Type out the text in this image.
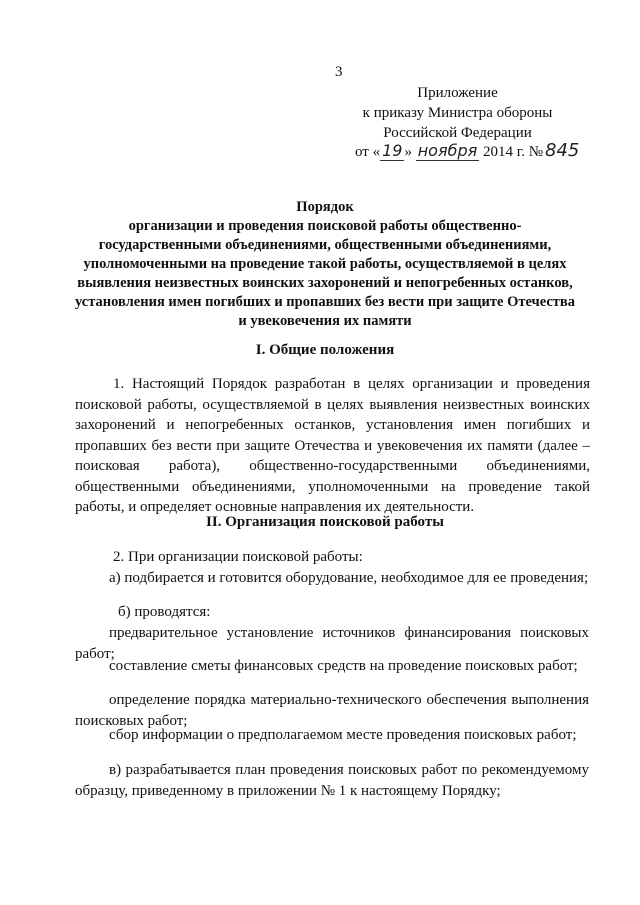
3
Приложение
к приказу Министра обороны
Российской Федерации
от « 19 » ноября 2014 г. № 845
Порядок
организации и проведения поисковой работы общественно-государственными объединениями, общественными объединениями, уполномоченными на проведение такой работы, осуществляемой в целях выявления неизвестных воинских захоронений и непогребенных останков, установления имен погибших и пропавших без вести при защите Отечества и увековечения их памяти
I. Общие положения
1. Настоящий Порядок разработан в целях организации и проведения поисковой работы, осуществляемой в целях выявления неизвестных воинских захоронений и непогребенных останков, установления имен погибших и пропавших без вести при защите Отечества и увековечения их памяти (далее – поисковая работа), общественно-государственными объединениями, общественными объединениями, уполномоченными на проведение такой работы, и определяет основные направления их деятельности.
II. Организация поисковой работы
2. При организации поисковой работы:
а) подбирается и готовится оборудование, необходимое для ее проведения;
б) проводятся:
предварительное установление источников финансирования поисковых работ;
составление сметы финансовых средств на проведение поисковых работ;
определение порядка материально-технического обеспечения выполнения поисковых работ;
сбор информации о предполагаемом месте проведения поисковых работ;
в) разрабатывается план проведения поисковых работ по рекомендуемому образцу, приведенному в приложении № 1 к настоящему Порядку;
